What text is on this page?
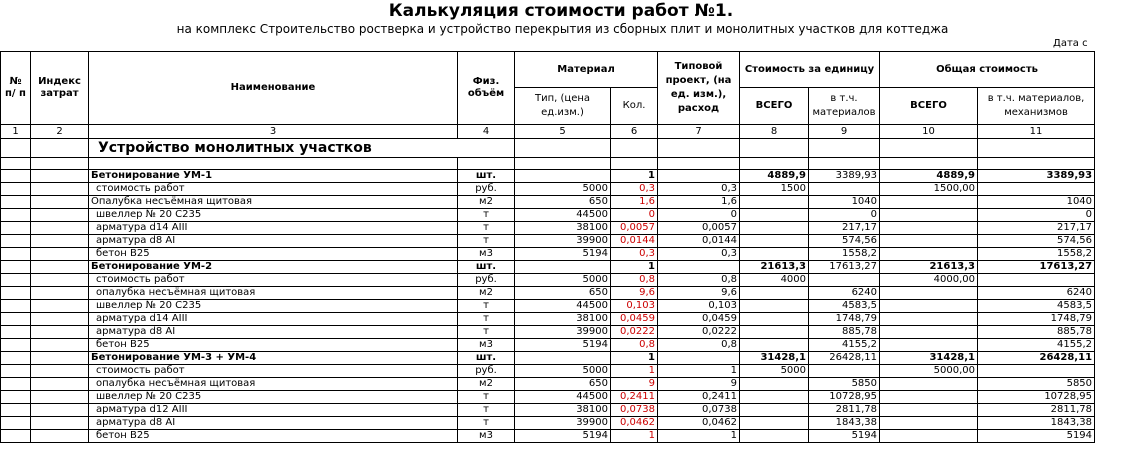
Калькуляция стоимости работ №1.
на комплекс Строительство ростверка и устройство перекрытия из сборных плит и монолитных участков для коттеджа
Дата с
№ п/ п	Индекс затрат	Наименование	Физ. объём	Материал		Типовой проект, (на ед. изм.), расход	Стоимость за единицу		Общая стоимость	
				Тип, (цена ед.изм.)	Кол.		ВСЕГО	в т.ч. материалов	ВСЕГО	в т.ч. материалов, механизмов
1	2	3	4	5	6	7	8	9	10	11
		Устройство монолитных участков								

		Бетонирование УМ-1	шт.		1		4889,9	3389,93	4889,9	3389,93
		стоимость работ	руб.	5000	0,3	0,3	1500		1500,00	
		Опалубка несъёмная щитовая	м2	650	1,6	1,6		1040		1040
		швеллер № 20 С235	т	44500	0	0		0		0
		арматура d14 AIII	т	38100	0,0057	0,0057		217,17		217,17
		арматура d8 AI	т	39900	0,0144	0,0144		574,56		574,56
		бетон В25	м3	5194	0,3	0,3		1558,2		1558,2
		Бетонирование УМ-2	шт.		1		21613,3	17613,27	21613,3	17613,27
		стоимость работ	руб.	5000	0,8	0,8	4000		4000,00	
		опалубка несъёмная щитовая	м2	650	9,6	9,6		6240		6240
		швеллер № 20 С235	т	44500	0,103	0,103		4583,5		4583,5
		арматура d14 AIII	т	38100	0,0459	0,0459		1748,79		1748,79
		арматура d8 AI	т	39900	0,0222	0,0222		885,78		885,78
		бетон В25	м3	5194	0,8	0,8		4155,2		4155,2
		Бетонирование УМ-3 + УМ-4	шт.		1		31428,1	26428,11	31428,1	26428,11
		стоимость работ	руб.	5000	1	1	5000		5000,00	
		опалубка несъёмная щитовая	м2	650	9	9		5850		5850
		швеллер № 20 С235	т	44500	0,2411	0,2411		10728,95		10728,95
		арматура d12 AIII	т	38100	0,0738	0,0738		2811,78		2811,78
		арматура d8 AI	т	39900	0,0462	0,0462		1843,38		1843,38
		бетон В25	м3	5194	1	1		5194		5194
